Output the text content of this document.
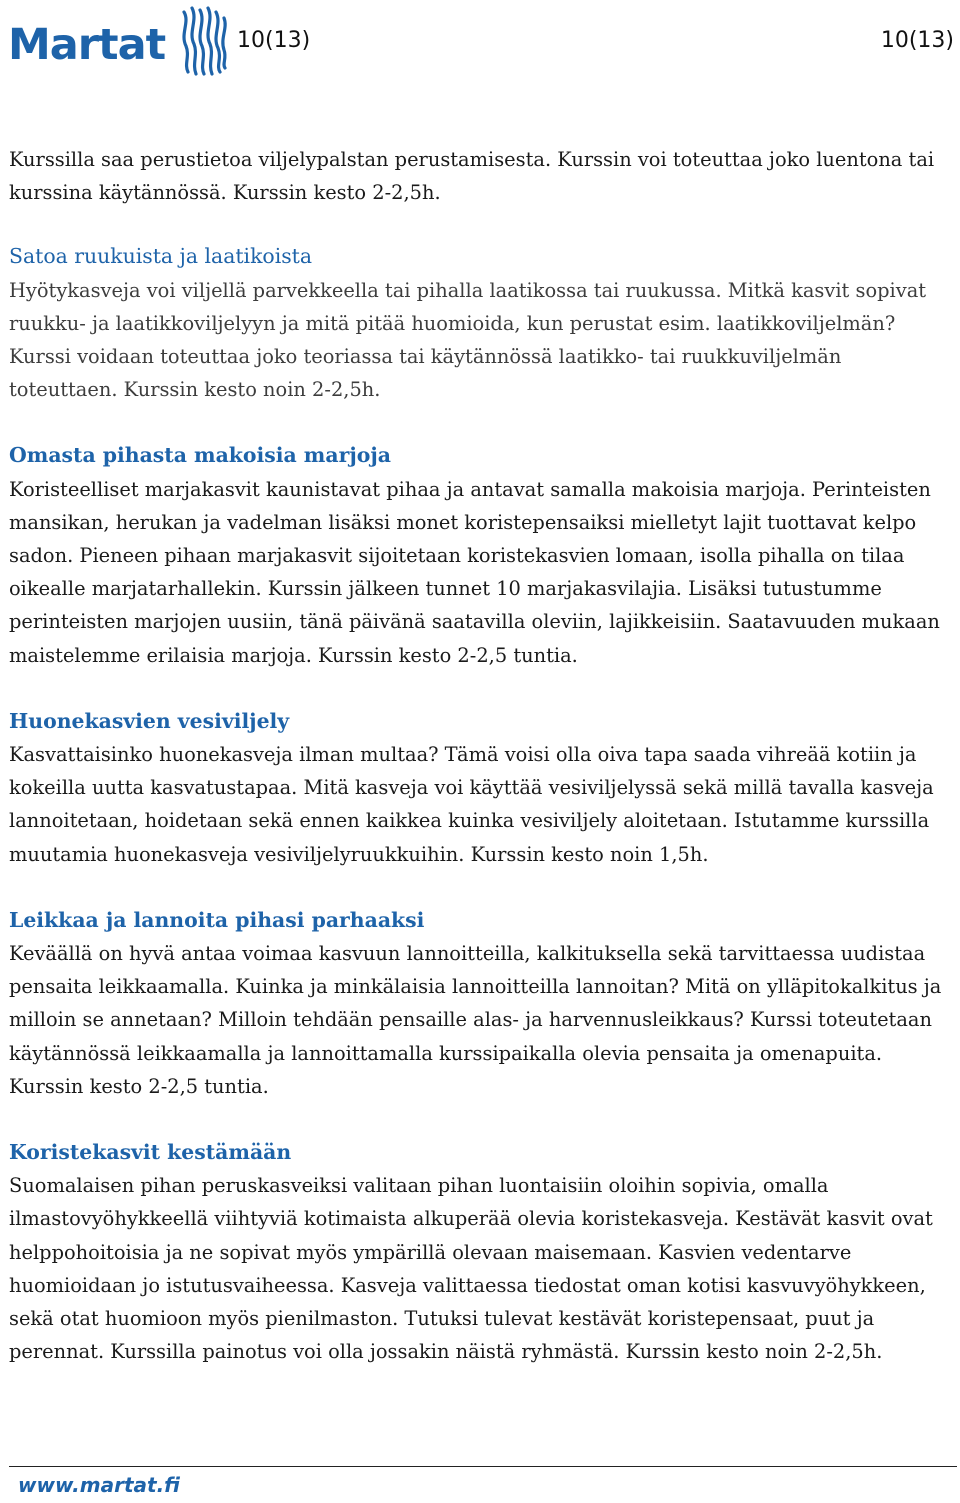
Martat	10(13)	10(13)

Kurssilla saa perustietoa viljelypalstan perustamisesta. Kurssin voi toteuttaa joko luentona tai kurssina käytännössä. Kurssin kesto 2-2,5h.

Satoa ruukuista ja laatikoista

Hyötykasveja voi viljellä parvekkeella tai pihalla laatikossa tai ruukussa. Mitkä kasvit sopivat ruukku- ja laatikkoviljelyyn ja mitä pitää huomioida, kun perustat esim. laatikkoviljelmän? Kurssi voidaan toteuttaa joko teoriassa tai käytännössä laatikko- tai ruukkuviljelmän toteuttaen. Kurssin kesto noin 2-2,5h.

Omasta pihasta makoisia marjoja

Koristeelliset marjakasvit kaunistavat pihaa ja antavat samalla makoisia marjoja. Perinteisten mansikan, herukan ja vadelman lisäksi monet koristepensaiksi mielletyt lajit tuottavat kelpo sadon. Pieneen pihaan marjakasvit sijoitetaan koristekasvien lomaan, isolla pihalla on tilaa oikealle marjatarhallekin. Kurssin jälkeen tunnet 10 marjakasvilajia. Lisäksi tutustumme perinteisten marjojen uusiin, tänä päivänä saatavilla oleviin, lajikkeisiin. Saatavuuden mukaan maistelemme erilaisia marjoja. Kurssin kesto 2-2,5 tuntia.

Huonekasvien vesiviljely

Kasvattaisinko huonekasveja ilman multaa? Tämä voisi olla oiva tapa saada vihreää kotiin ja kokeilla uutta kasvatustapaa. Mitä kasveja voi käyttää vesiviljelyssä sekä millä tavalla kasveja lannoitetaan, hoidetaan sekä ennen kaikkea kuinka vesiviljely aloitetaan. Istutamme kurssilla muutamia huonekasveja vesiviljelyruukkuihin. Kurssin kesto noin 1,5h.

Leikkaa ja lannoita pihasi parhaaksi

Keväällä on hyvä antaa voimaa kasvuun lannoitteilla, kalkituksella sekä tarvittaessa uudistaa pensaita leikkaamalla. Kuinka ja minkälaisia lannoitteilla lannoitan? Mitä on ylläpitokalkitus ja milloin se annetaan? Milloin tehdään pensaille alas- ja harvennusleikkaus? Kurssi toteutetaan käytännössä leikkaamalla ja lannoittamalla kurssipaikalla olevia pensaita ja omenapuita. Kurssin kesto 2-2,5 tuntia.

Koristekasvit kestämään

Suomalaisen pihan peruskasveiksi valitaan pihan luontaisiin oloihin sopivia, omalla ilmastovyöhykkeellä viihtyviä kotimaista alkuperää olevia koristekasveja. Kestävät kasvit ovat helppohoitoisia ja ne sopivat myös ympärillä olevaan maisemaan. Kasvien vedentarve huomioidaan jo istutusvaiheessa. Kasveja valittaessa tiedostat oman kotisi kasvuvyöhykkeen, sekä otat huomioon myös pienilmaston. Tutuksi tulevat kestävät koristepensaat, puut ja perennat. Kurssilla painotus voi olla jossakin näistä ryhmästä. Kurssin kesto noin 2-2,5h.

www.martat.fi
